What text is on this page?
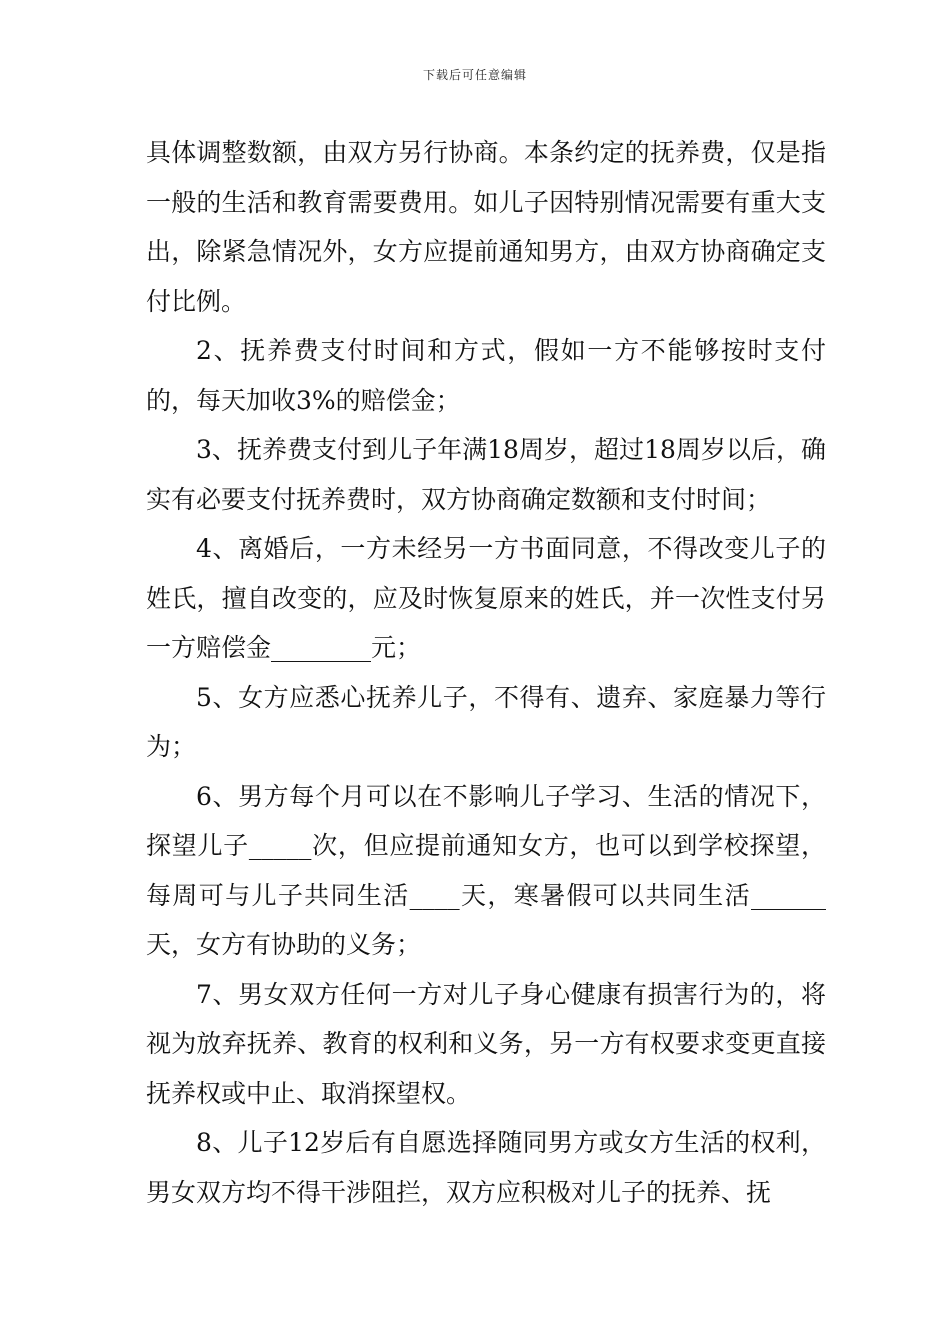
下载后可任意编辑

具体调整数额，由双方另行协商。本条约定的抚养费，仅是指一般的生活和教育需要费用。如儿子因特别情况需要有重大支出，除紧急情况外，女方应提前通知男方，由双方协商确定支付比例。

2、抚养费支付时间和方式，假如一方不能够按时支付的，每天加收3%的赔偿金；

3、抚养费支付到儿子年满18周岁，超过18周岁以后，确实有必要支付抚养费时，双方协商确定数额和支付时间；

4、离婚后，一方未经另一方书面同意，不得改变儿子的姓氏，擅自改变的，应及时恢复原来的姓氏，并一次性支付另一方赔偿金________元；

5、女方应悉心抚养儿子，不得有、遗弃、家庭暴力等行为；

6、男方每个月可以在不影响儿子学习、生活的情况下，探望儿子_____次，但应提前通知女方，也可以到学校探望，每周可与儿子共同生活____天，寒暑假可以共同生活______天，女方有协助的义务；

7、男女双方任何一方对儿子身心健康有损害行为的，将视为放弃抚养、教育的权利和义务，另一方有权要求变更直接抚养权或中止、取消探望权。

8、儿子12岁后有自愿选择随同男方或女方生活的权利，男女双方均不得干涉阻拦，双方应积极对儿子的抚养、抚
